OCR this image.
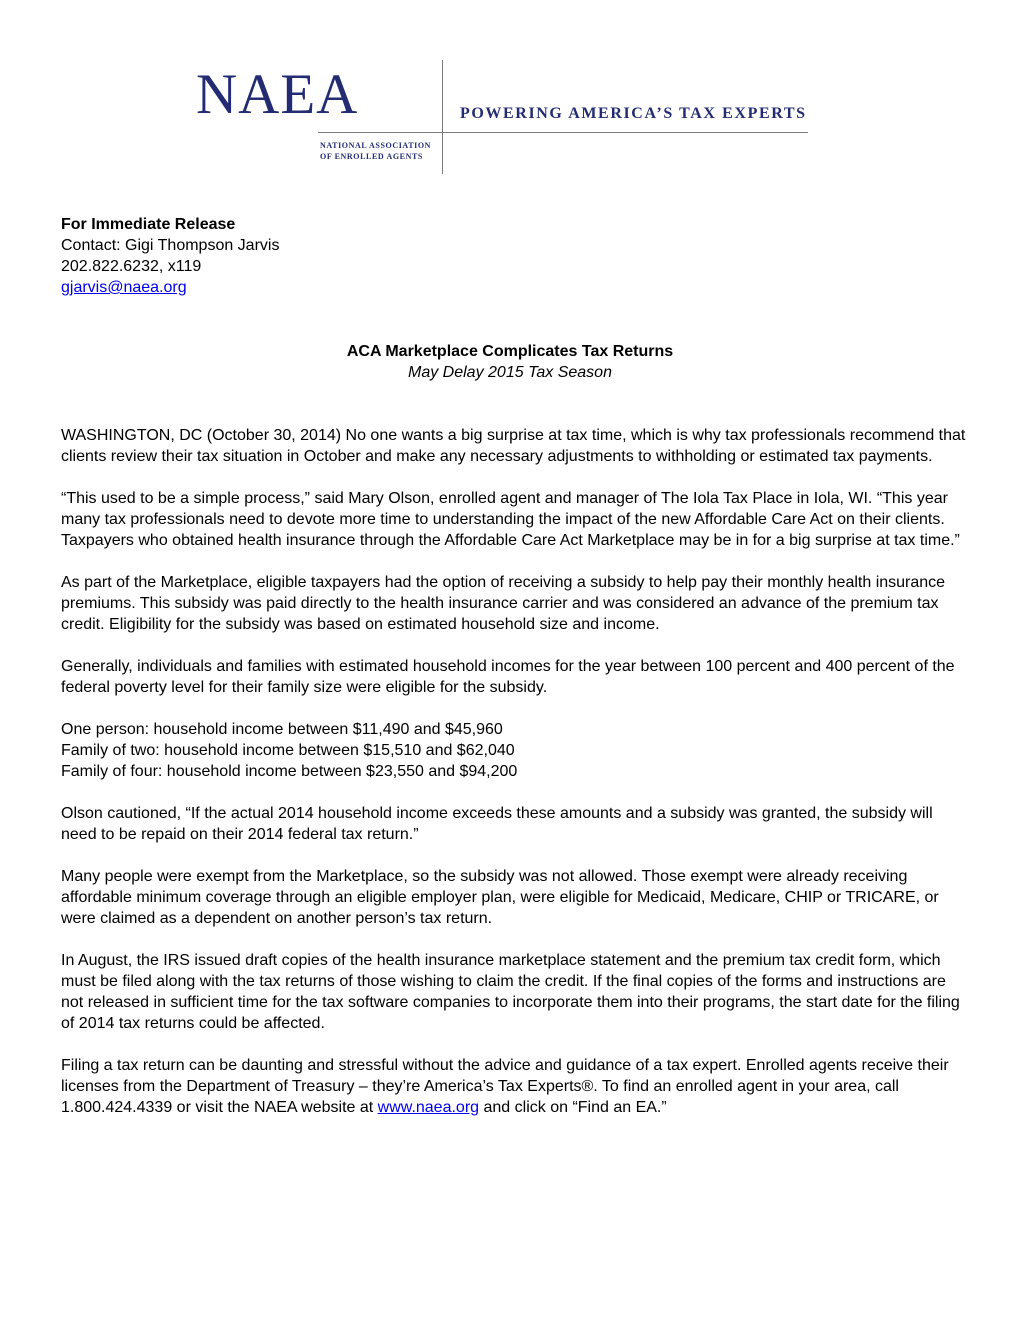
NAEA	POWERING AMERICA’S TAX EXPERTS
NATIONAL ASSOCIATION OF ENROLLED AGENTS
For Immediate Release
Contact: Gigi Thompson Jarvis
202.822.6232, x119
gjarvis@naea.org
ACA Marketplace Complicates Tax Returns
May Delay 2015 Tax Season

WASHINGTON, DC (October 30, 2014) No one wants a big surprise at tax time, which is why tax professionals recommend that clients review their tax situation in October and make any necessary adjustments to withholding or estimated tax payments.

“This used to be a simple process,” said Mary Olson, enrolled agent and manager of The Iola Tax Place in Iola, WI. “This year many tax professionals need to devote more time to understanding the impact of the new Affordable Care Act on their clients. Taxpayers who obtained health insurance through the Affordable Care Act Marketplace may be in for a big surprise at tax time.”

As part of the Marketplace, eligible taxpayers had the option of receiving a subsidy to help pay their monthly health insurance premiums. This subsidy was paid directly to the health insurance carrier and was considered an advance of the premium tax credit. Eligibility for the subsidy was based on estimated household size and income.

Generally, individuals and families with estimated household incomes for the year between 100 percent and 400 percent of the federal poverty level for their family size were eligible for the subsidy.

One person: household income between $11,490 and $45,960
Family of two: household income between $15,510 and $62,040
Family of four: household income between $23,550 and $94,200

Olson cautioned, “If the actual 2014 household income exceeds these amounts and a subsidy was granted, the subsidy will need to be repaid on their 2014 federal tax return.”

Many people were exempt from the Marketplace, so the subsidy was not allowed. Those exempt were already receiving affordable minimum coverage through an eligible employer plan, were eligible for Medicaid, Medicare, CHIP or TRICARE, or were claimed as a dependent on another person’s tax return.

In August, the IRS issued draft copies of the health insurance marketplace statement and the premium tax credit form, which must be filed along with the tax returns of those wishing to claim the credit. If the final copies of the forms and instructions are not released in sufficient time for the tax software companies to incorporate them into their programs, the start date for the filing of 2014 tax returns could be affected.

Filing a tax return can be daunting and stressful without the advice and guidance of a tax expert. Enrolled agents receive their licenses from the Department of Treasury – they’re America’s Tax Experts®. To find an enrolled agent in your area, call 1.800.424.4339 or visit the NAEA website at www.naea.org and click on “Find an EA.”
